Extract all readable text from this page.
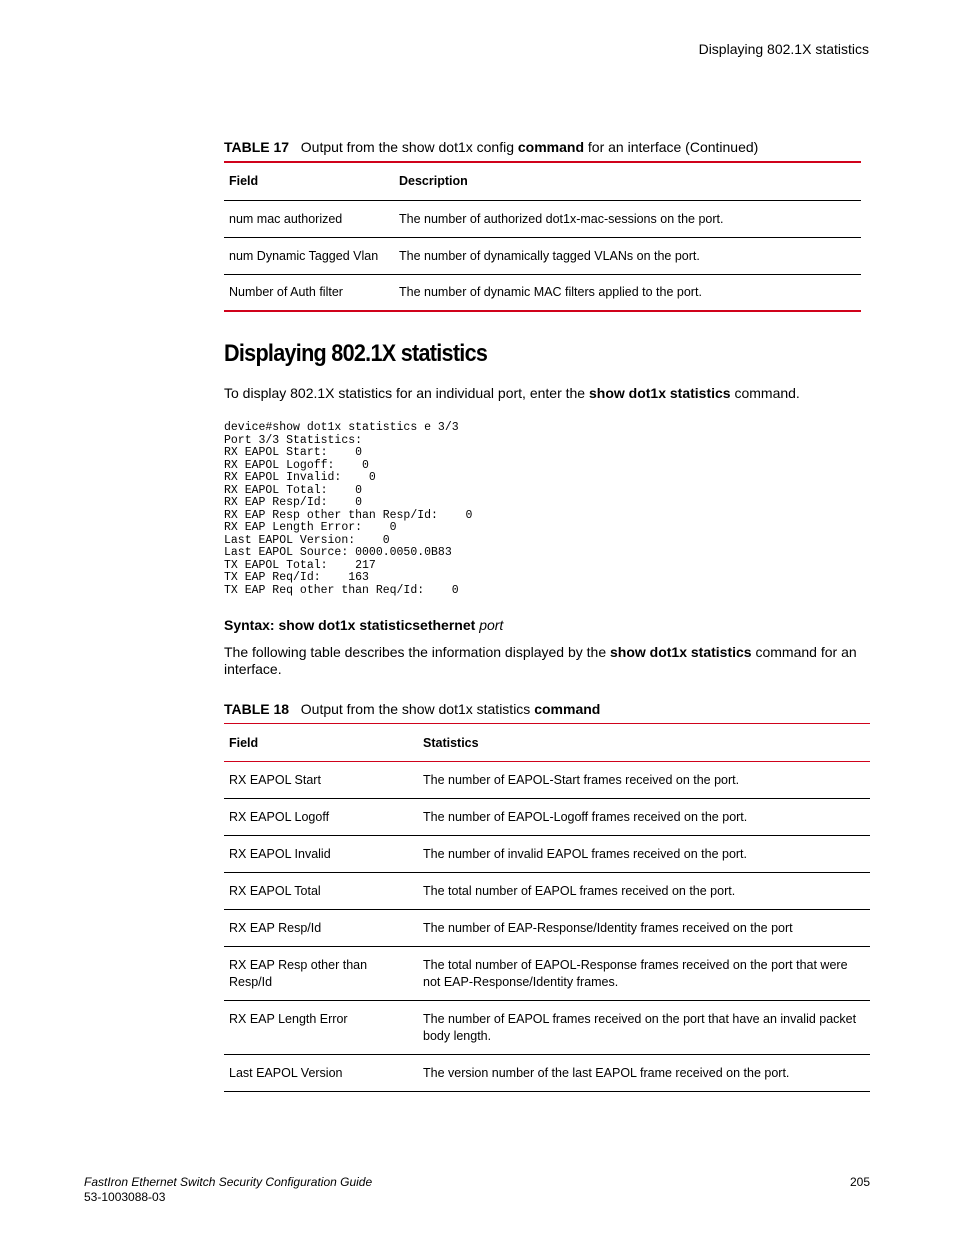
Displaying 802.1X statistics
TABLE 17 Output from the show dot1x config command for an interface (Continued)
Field	Description
num mac authorized	The number of authorized dot1x-mac-sessions on the port.
num Dynamic Tagged Vlan	The number of dynamically tagged VLANs on the port.
Number of Auth filter	The number of dynamic MAC filters applied to the port.
Displaying 802.1X statistics
To display 802.1X statistics for an individual port, enter the show dot1x statistics command.
device#show dot1x statistics e 3/3
Port 3/3 Statistics:
RX EAPOL Start:    0
RX EAPOL Logoff:    0
RX EAPOL Invalid:    0
RX EAPOL Total:    0
RX EAP Resp/Id:    0
RX EAP Resp other than Resp/Id:    0
RX EAP Length Error:    0
Last EAPOL Version:    0
Last EAPOL Source: 0000.0050.0B83
TX EAPOL Total:    217
TX EAP Req/Id:    163
TX EAP Req other than Req/Id:    0
Syntax: show dot1x statisticsethernet port
The following table describes the information displayed by the show dot1x statistics command for an interface.
TABLE 18 Output from the show dot1x statistics command
Field	Statistics
RX EAPOL Start	The number of EAPOL-Start frames received on the port.
RX EAPOL Logoff	The number of EAPOL-Logoff frames received on the port.
RX EAPOL Invalid	The number of invalid EAPOL frames received on the port.
RX EAPOL Total	The total number of EAPOL frames received on the port.
RX EAP Resp/Id	The number of EAP-Response/Identity frames received on the port
RX EAP Resp other than Resp/Id	The total number of EAPOL-Response frames received on the port that were not EAP-Response/Identity frames.
RX EAP Length Error	The number of EAPOL frames received on the port that have an invalid packet body length.
Last EAPOL Version	The version number of the last EAPOL frame received on the port.
FastIron Ethernet Switch Security Configuration Guide
53-1003088-03
205
